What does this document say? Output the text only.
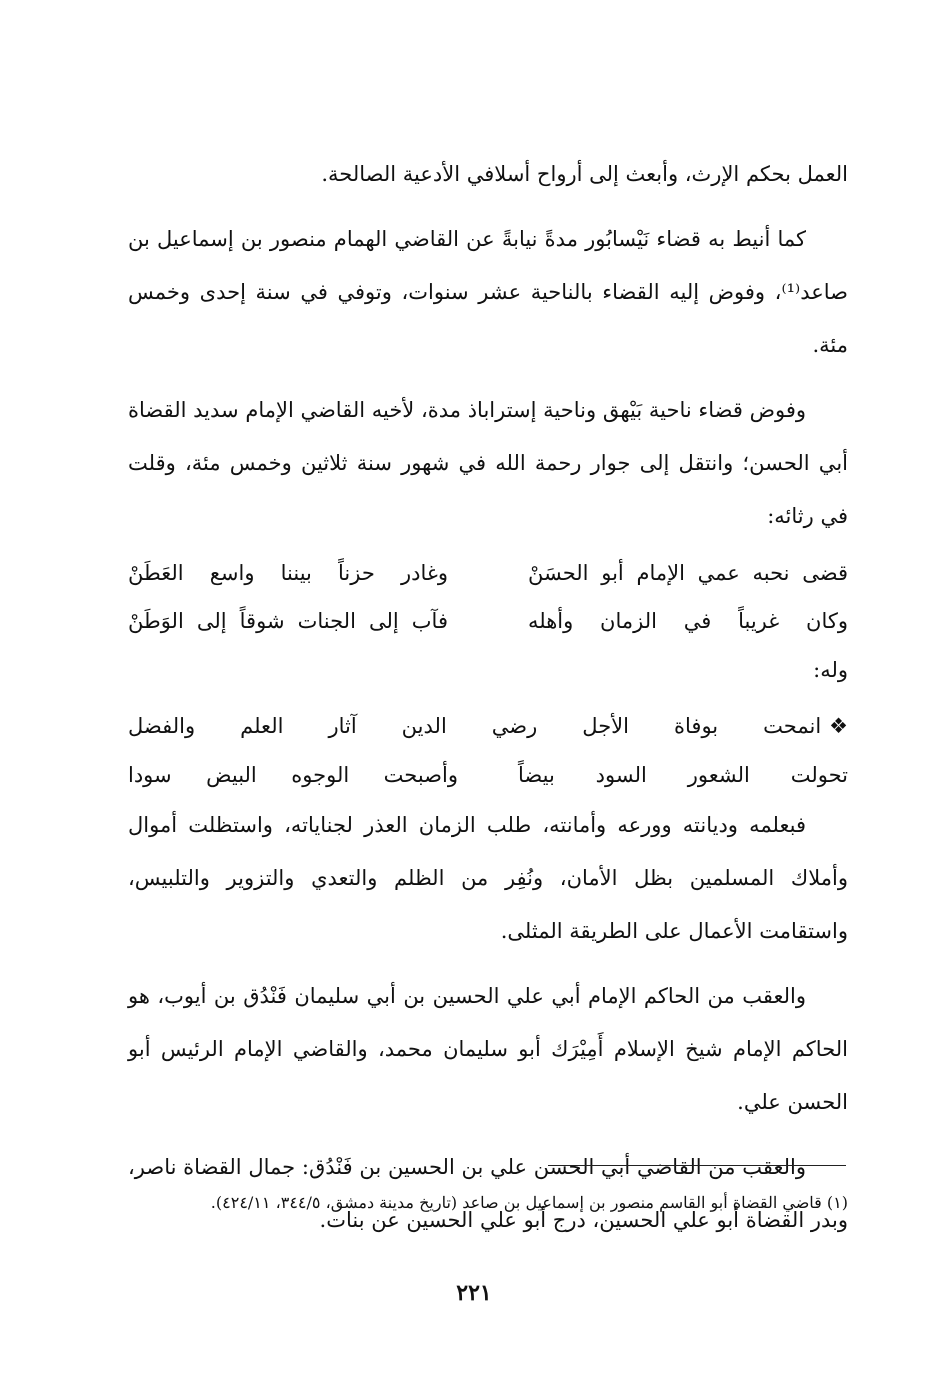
العمل بحكم الإرث، وأبعث إلى أرواح أسلافي الأدعية الصالحة.

كما أنيط به قضاء نَيْسابُور مدةً نيابةً عن القاضي الهمام منصور بن إسماعيل بن صاعد⁽¹⁾، وفوض إليه القضاء بالناحية عشر سنوات، وتوفي في سنة إحدى وخمس مئة.

وفوض قضاء ناحية بَيْهق وناحية إستراباذ مدة، لأخيه القاضي الإمام سديد القضاة أبي الحسن؛ وانتقل إلى جوار رحمة الله في شهور سنة ثلاثين وخمس مئة، وقلت في رثائه:

قضى نحبه عمي الإمام أبو الحسَنْ
وغادر حزناً بيننا واسع العَطَنْ
وكان غريباً في الزمان وأهله
فآب إلى الجنات شوقاً إلى الوَطَنْ

وله:

❖انمحت بوفاة الأجل رضي الدين آثار العلم والفضل
تحولت الشعور السود بيضاً
وأصبحت الوجوه البيض سودا

فبعلمه وديانته وورعه وأمانته، طلب الزمان العذر لجناياته، واستظلت أموال وأملاك المسلمين بظل الأمان، ونُفِر من الظلم والتعدي والتزوير والتلبيس، واستقامت الأعمال على الطريقة المثلى.

والعقب من الحاكم الإمام أبي علي الحسين بن أبي سليمان فَنْدُق بن أيوب، هو الحاكم الإمام شيخ الإسلام أَمِيْرَك أبو سليمان محمد، والقاضي الإمام الرئيس أبو الحسن علي.

والعقب من القاضي أبي الحسن علي بن الحسين بن فَنْدُق: جمال القضاة ناصر، وبدر القضاة أبو علي الحسين، درج أبو علي الحسين عن بنات.

(١) قاضي القضاة أبو القاسم منصور بن إسماعيل بن صاعد (تاريخ مدينة دمشق، ٣٤٤/٥، ٤٢٤/١١).
٢٢١
